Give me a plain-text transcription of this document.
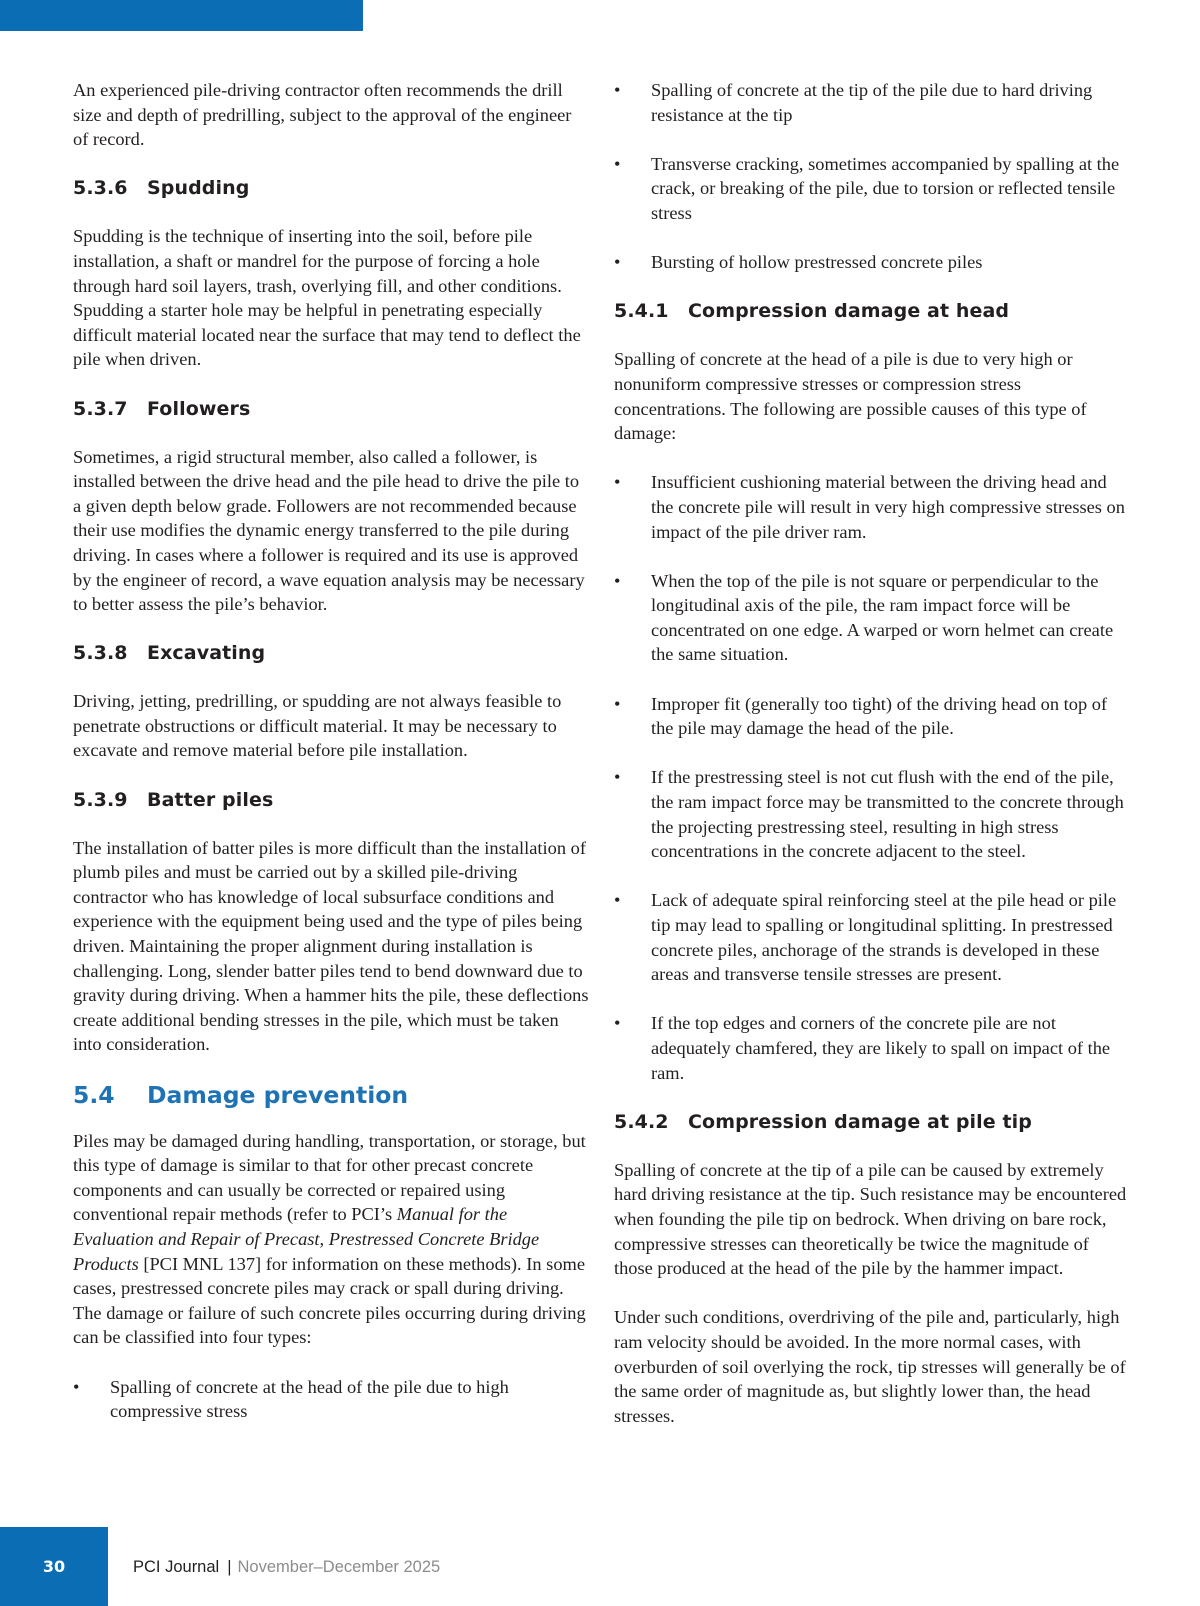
An experienced pile-driving contractor often recommends the drill size and depth of predrilling, subject to the approval of the engineer of record.

5.3.6 Spudding

Spudding is the technique of inserting into the soil, before pile installation, a shaft or mandrel for the purpose of forcing a hole through hard soil layers, trash, overlying fill, and other conditions. Spudding a starter hole may be helpful in penetrating especially difficult material located near the surface that may tend to deflect the pile when driven.

5.3.7 Followers

Sometimes, a rigid structural member, also called a follower, is installed between the drive head and the pile head to drive the pile to a given depth below grade. Followers are not recommended because their use modifies the dynamic energy transferred to the pile during driving. In cases where a follower is required and its use is approved by the engineer of record, a wave equation analysis may be necessary to better assess the pile’s behavior.

5.3.8 Excavating

Driving, jetting, predrilling, or spudding are not always feasible to penetrate obstructions or difficult material. It may be necessary to excavate and remove material before pile installation.

5.3.9 Batter piles

The installation of batter piles is more difficult than the installation of plumb piles and must be carried out by a skilled pile-driving contractor who has knowledge of local subsurface conditions and experience with the equipment being used and the type of piles being driven. Maintaining the proper alignment during installation is challenging. Long, slender batter piles tend to bend downward due to gravity during driving. When a hammer hits the pile, these deflections create additional bending stresses in the pile, which must be taken into consideration.

5.4 Damage prevention

Piles may be damaged during handling, transportation, or storage, but this type of damage is similar to that for other precast concrete components and can usually be corrected or repaired using conventional repair methods (refer to PCI’s Manual for the Evaluation and Repair of Precast, Prestressed Concrete Bridge Products [PCI MNL 137] for information on these methods). In some cases, prestressed concrete piles may crack or spall during driving. The damage or failure of such concrete piles occurring during driving can be classified into four types:

• Spalling of concrete at the head of the pile due to high compressive stress
• Spalling of concrete at the tip of the pile due to hard driving resistance at the tip
• Transverse cracking, sometimes accompanied by spalling at the crack, or breaking of the pile, due to torsion or reflected tensile stress
• Bursting of hollow prestressed concrete piles
5.4.1 Compression damage at head

Spalling of concrete at the head of a pile is due to very high or nonuniform compressive stresses or compression stress concentrations. The following are possible causes of this type of damage:

• Insufficient cushioning material between the driving head and the concrete pile will result in very high compressive stresses on impact of the pile driver ram.
• When the top of the pile is not square or perpendicular to the longitudinal axis of the pile, the ram impact force will be concentrated on one edge. A warped or worn helmet can create the same situation.
• Improper fit (generally too tight) of the driving head on top of the pile may damage the head of the pile.
• If the prestressing steel is not cut flush with the end of the pile, the ram impact force may be transmitted to the concrete through the projecting prestressing steel, resulting in high stress concentrations in the concrete adjacent to the steel.
• Lack of adequate spiral reinforcing steel at the pile head or pile tip may lead to spalling or longitudinal splitting. In prestressed concrete piles, anchorage of the strands is developed in these areas and transverse tensile stresses are present.
• If the top edges and corners of the concrete pile are not adequately chamfered, they are likely to spall on impact of the ram.
5.4.2 Compression damage at pile tip

Spalling of concrete at the tip of a pile can be caused by extremely hard driving resistance at the tip. Such resistance may be encountered when founding the pile tip on bedrock. When driving on bare rock, compressive stresses can theoretically be twice the magnitude of those produced at the head of the pile by the hammer impact.

Under such conditions, overdriving of the pile and, particularly, high ram velocity should be avoided. In the more normal cases, with overburden of soil overlying the rock, tip stresses will generally be of the same order of magnitude as, but slightly lower than, the head stresses.

30	PCI Journal | November–December 2025
